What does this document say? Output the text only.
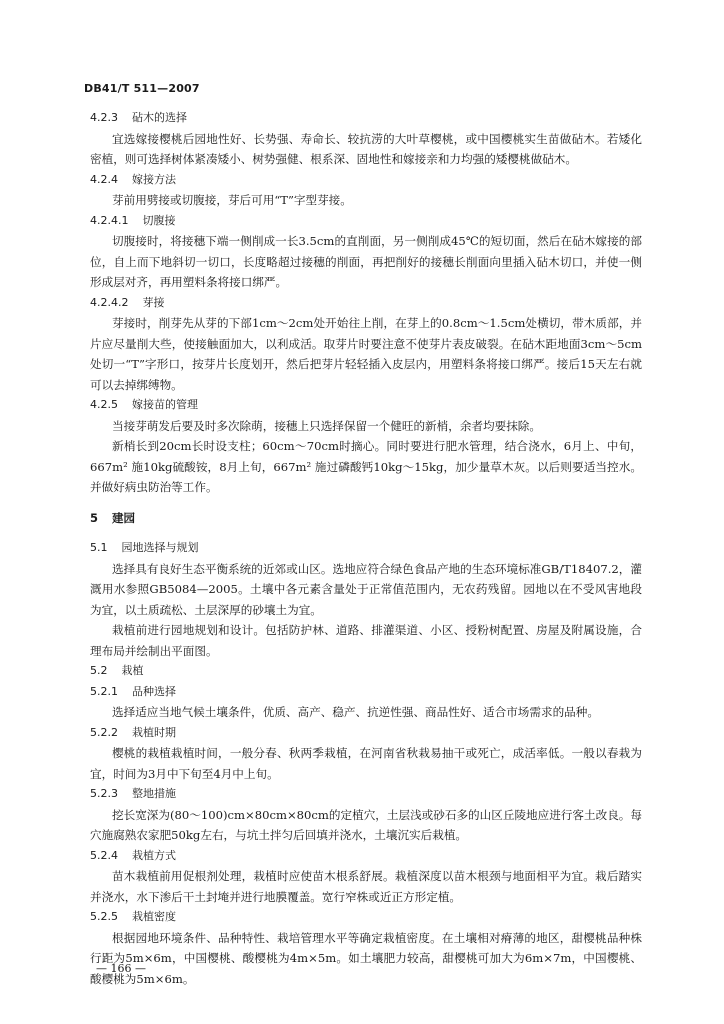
DB41/T 511—2007

4.2.3 砧木的选择

宜选嫁接樱桃后园地性好、长势强、寿命长、较抗涝的大叶草樱桃，或中国樱桃实生苗做砧木。若矮化密植，则可选择树体紧凑矮小、树势强健、根系深、固地性和嫁接亲和力均强的矮樱桃做砧木。

4.2.4 嫁接方法

芽前用劈接或切腹接，芽后可用“T”字型芽接。

4.2.4.1 切腹接

切腹接时，将接穗下端一侧削成一长3.5cm的直削面，另一侧削成45℃的短切面，然后在砧木嫁接的部位，自上而下地斜切一切口，长度略超过接穗的削面，再把削好的接穗长削面向里插入砧木切口，并使一侧形成层对齐，再用塑料条将接口绑严。

4.2.4.2 芽接

芽接时，削芽先从芽的下部1cm～2cm处开始往上削，在芽上的0.8cm～1.5cm处横切，带木质部，并片应尽量削大些，使接触面加大，以利成活。取芽片时要注意不使芽片表皮破裂。在砧木距地面3cm～5cm处切一“T”字形口，按芽片长度划开，然后把芽片轻轻插入皮层内，用塑料条将接口绑严。接后15天左右就可以去掉绑缚物。

4.2.5 嫁接苗的管理

当接芽萌发后要及时多次除萌，接穗上只选择保留一个健旺的新梢，余者均要抹除。

新梢长到20cm长时设支柱；60cm～70cm时摘心。同时要进行肥水管理，结合浇水，6月上、中旬，667m² 施10kg硫酸铵，8月上旬，667m² 施过磷酸钙10kg～15kg，加少量草木灰。以后则要适当控水。并做好病虫防治等工作。

5 建园

5.1 园地选择与规划

选择具有良好生态平衡系统的近郊或山区。选地应符合绿色食品产地的生态环境标准GB/T18407.2，灌溉用水参照GB5084—2005。土壤中各元素含量处于正常值范围内，无农药残留。园地以在不受风害地段为宜，以土质疏松、土层深厚的砂壤土为宜。

栽植前进行园地规划和设计。包括防护林、道路、排灌渠道、小区、授粉树配置、房屋及附属设施，合理布局并绘制出平面图。

5.2 栽植

5.2.1 品种选择

选择适应当地气候土壤条件，优质、高产、稳产、抗逆性强、商品性好、适合市场需求的品种。

5.2.2 栽植时期

樱桃的栽植栽植时间，一般分春、秋两季栽植，在河南省秋栽易抽干或死亡，成活率低。一般以春栽为宜，时间为3月中下旬至4月中上旬。

5.2.3 整地措施

挖长宽深为(80～100)cm×80cm×80cm的定植穴，土层浅或砂石多的山区丘陵地应进行客土改良。每穴施腐熟农家肥50kg左右，与坑土拌匀后回填并浇水，土壤沉实后栽植。

5.2.4 栽植方式

苗木栽植前用促根剂处理，栽植时应使苗木根系舒展。栽植深度以苗木根颈与地面相平为宜。栽后踏实并浇水，水下渗后干土封埯并进行地膜覆盖。宽行窄株或近正方形定植。

5.2.5 栽植密度

根据园地环境条件、品种特性、栽培管理水平等确定栽植密度。在土壤相对瘠薄的地区，甜樱桃品种株行距为5m×6m，中国樱桃、酸樱桃为4m×5m。如土壤肥力较高，甜樱桃可加大为6m×7m，中国樱桃、酸樱桃为5m×6m。

— 166 —
